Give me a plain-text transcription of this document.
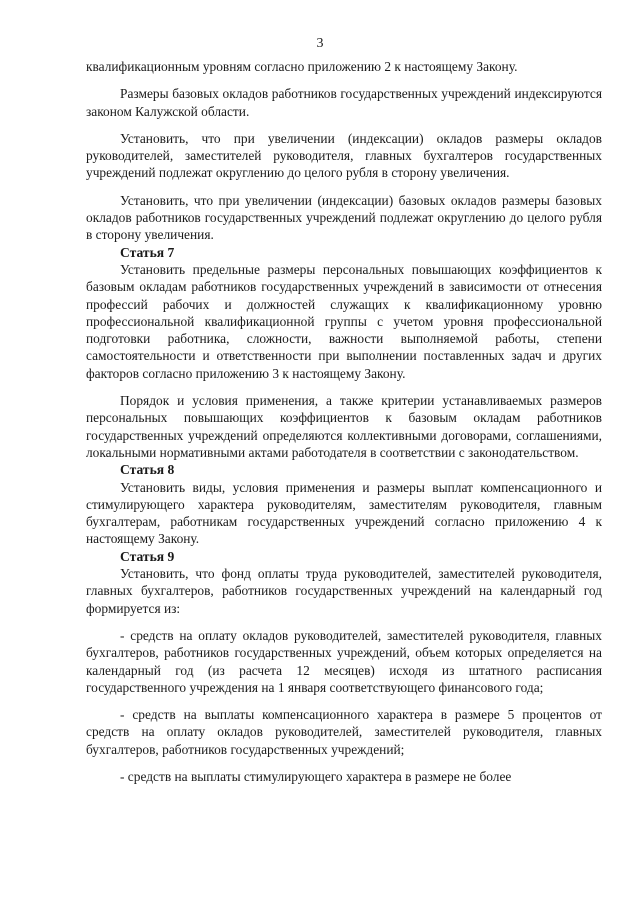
3

квалификационным уровням согласно приложению 2 к настоящему Закону.

Размеры базовых окладов работников государственных учреждений индексируются законом Калужской области.

Установить, что при увеличении (индексации) окладов размеры окладов руководителей, заместителей руководителя, главных бухгалтеров государственных учреждений подлежат округлению до целого рубля в сторону увеличения.

Установить, что при увеличении (индексации) базовых окладов размеры базовых окладов работников государственных учреждений подлежат округлению до целого рубля в сторону увеличения.

Статья 7

Установить предельные размеры персональных повышающих коэффициентов к базовым окладам работников государственных учреждений в зависимости от отнесения профессий рабочих и должностей служащих к квалификационному уровню профессиональной квалификационной группы с учетом уровня профессиональной подготовки работника, сложности, важности выполняемой работы, степени самостоятельности и ответственности при выполнении поставленных задач и других факторов согласно приложению 3 к настоящему Закону.

Порядок и условия применения, а также критерии устанавливаемых размеров персональных повышающих коэффициентов к базовым окладам работников государственных учреждений определяются коллективными договорами, соглашениями, локальными нормативными актами работодателя в соответствии с законодательством.

Статья 8

Установить виды, условия применения и размеры выплат компенсационного и стимулирующего характера руководителям, заместителям руководителя, главным бухгалтерам, работникам государственных учреждений согласно приложению 4 к настоящему Закону.

Статья 9

Установить, что фонд оплаты труда руководителей, заместителей руководителя, главных бухгалтеров, работников государственных учреждений на календарный год формируется из:

- средств на оплату окладов руководителей, заместителей руководителя, главных бухгалтеров, работников государственных учреждений, объем которых определяется на календарный год (из расчета 12 месяцев) исходя из штатного расписания государственного учреждения на 1 января соответствующего финансового года;

- средств на выплаты компенсационного характера в размере 5 процентов от средств на оплату окладов руководителей, заместителей руководителя, главных бухгалтеров, работников государственных учреждений;

- средств на выплаты стимулирующего характера в размере не более
